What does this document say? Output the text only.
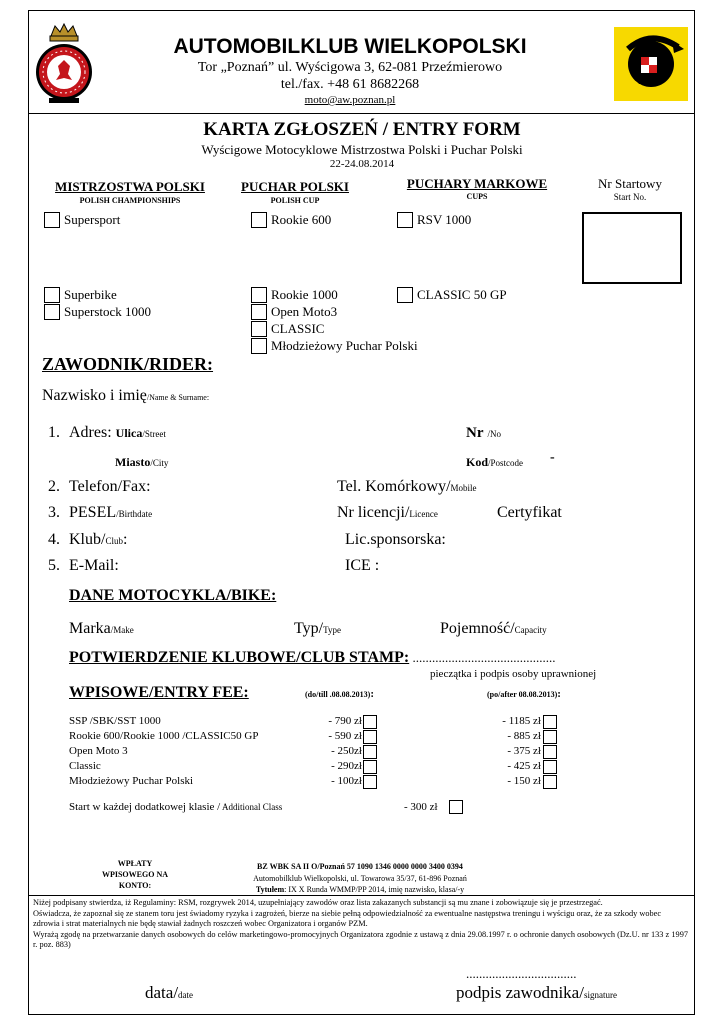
PZM
AUTOMOBILKLUB WIELKOPOLSKI
Tor „Poznań” ul. Wyścigowa 3, 62-081 Przeźmierowo
tel./fax. +48 61 8682268
moto@aw.poznan.pl
KARTA ZGŁOSZEŃ / ENTRY FORM
Wyścigowe Motocyklowe Mistrzostwa Polski i Puchar Polski
22-24.08.2014
MISTRZOSTWA POLSKI
POLISH CHAMPIONSHIPS
PUCHAR POLSKI
POLISH CUP
PUCHARY MARKOWE
CUPS
Nr Startowy
Start No.
Supersport
Superbike
Superstock 1000
Rookie 600
Rookie 1000
Open Moto3
CLASSIC
Młodzieżowy Puchar Polski
RSV 1000
CLASSIC 50 GP
ZAWODNIK/RIDER:
Nazwisko i imię/Name & Surname:
1. Adres: Ulica/Street	Nr /No
Miasto/City	Kod/Postcode -
2. Telefon/Fax:	Tel. Komórkowy/Mobile
3. PESEL/Birthdate	Nr licencji/Licence	Certyfikat
4. Klub/Club:	Lic.sponsorska:
5. E-Mail:	ICE :
DANE MOTOCYKLA/BIKE:
Marka/Make	Typ/Type	Pojemność/Capacity
POTWIERDZENIE KLUBOWE/CLUB STAMP: ............................................
pieczątka i podpis osoby uprawnionej
WPISOWE/ENTRY FEE:	(do/till .08.08.2013):	(po/after 08.08.2013):
SSP /SBK/SST 1000	- 790 zł	- 1185 zł
Rookie 600/Rookie 1000 /CLASSIC50 GP	- 590 zł	- 885 zł
Open Moto 3	- 250zł	- 375 zł
Classic	- 290zł	- 425 zł
Młodzieżowy Puchar Polski	- 100zł	- 150 zł
Start w każdej dodatkowej klasie / Additional Class	- 300 zł
WPŁATY
WPISOWEGO NA
KONTO:
BZ WBK SA II O/Poznań 57 1090 1346 0000 0000 3400 0394
Automobilklub Wielkopolski, ul. Towarowa 35/37, 61-896 Poznań
Tytułem: IX X Runda WMMP/PP 2014, imię nazwisko, klasa/-y
Niżej podpisany stwierdza, iż Regulaminy: RSM, rozgrywek 2014, uzupełniający zawodów oraz lista zakazanych substancji są mu znane i zobowiązuje się je przestrzegać.
Oświadcza, że zapoznał się ze stanem toru jest świadomy ryzyka i zagrożeń, bierze na siebie pełną odpowiedzialność za ewentualne następstwa treningu i wyścigu oraz, że za szkody wobec zdrowia i strat materialnych nie będę stawiał żadnych roszczeń wobec Organizatora i organów PZM.
Wyrażą zgodę na przetwarzanie danych osobowych do celów marketingowo-promocyjnych Organizatora zgodnie z ustawą z dnia 29.08.1997 r. o ochronie danych osobowych (Dz.U. nr 133 z 1997 r. poz. 883)
..................................
data/date	podpis zawodnika/signature
